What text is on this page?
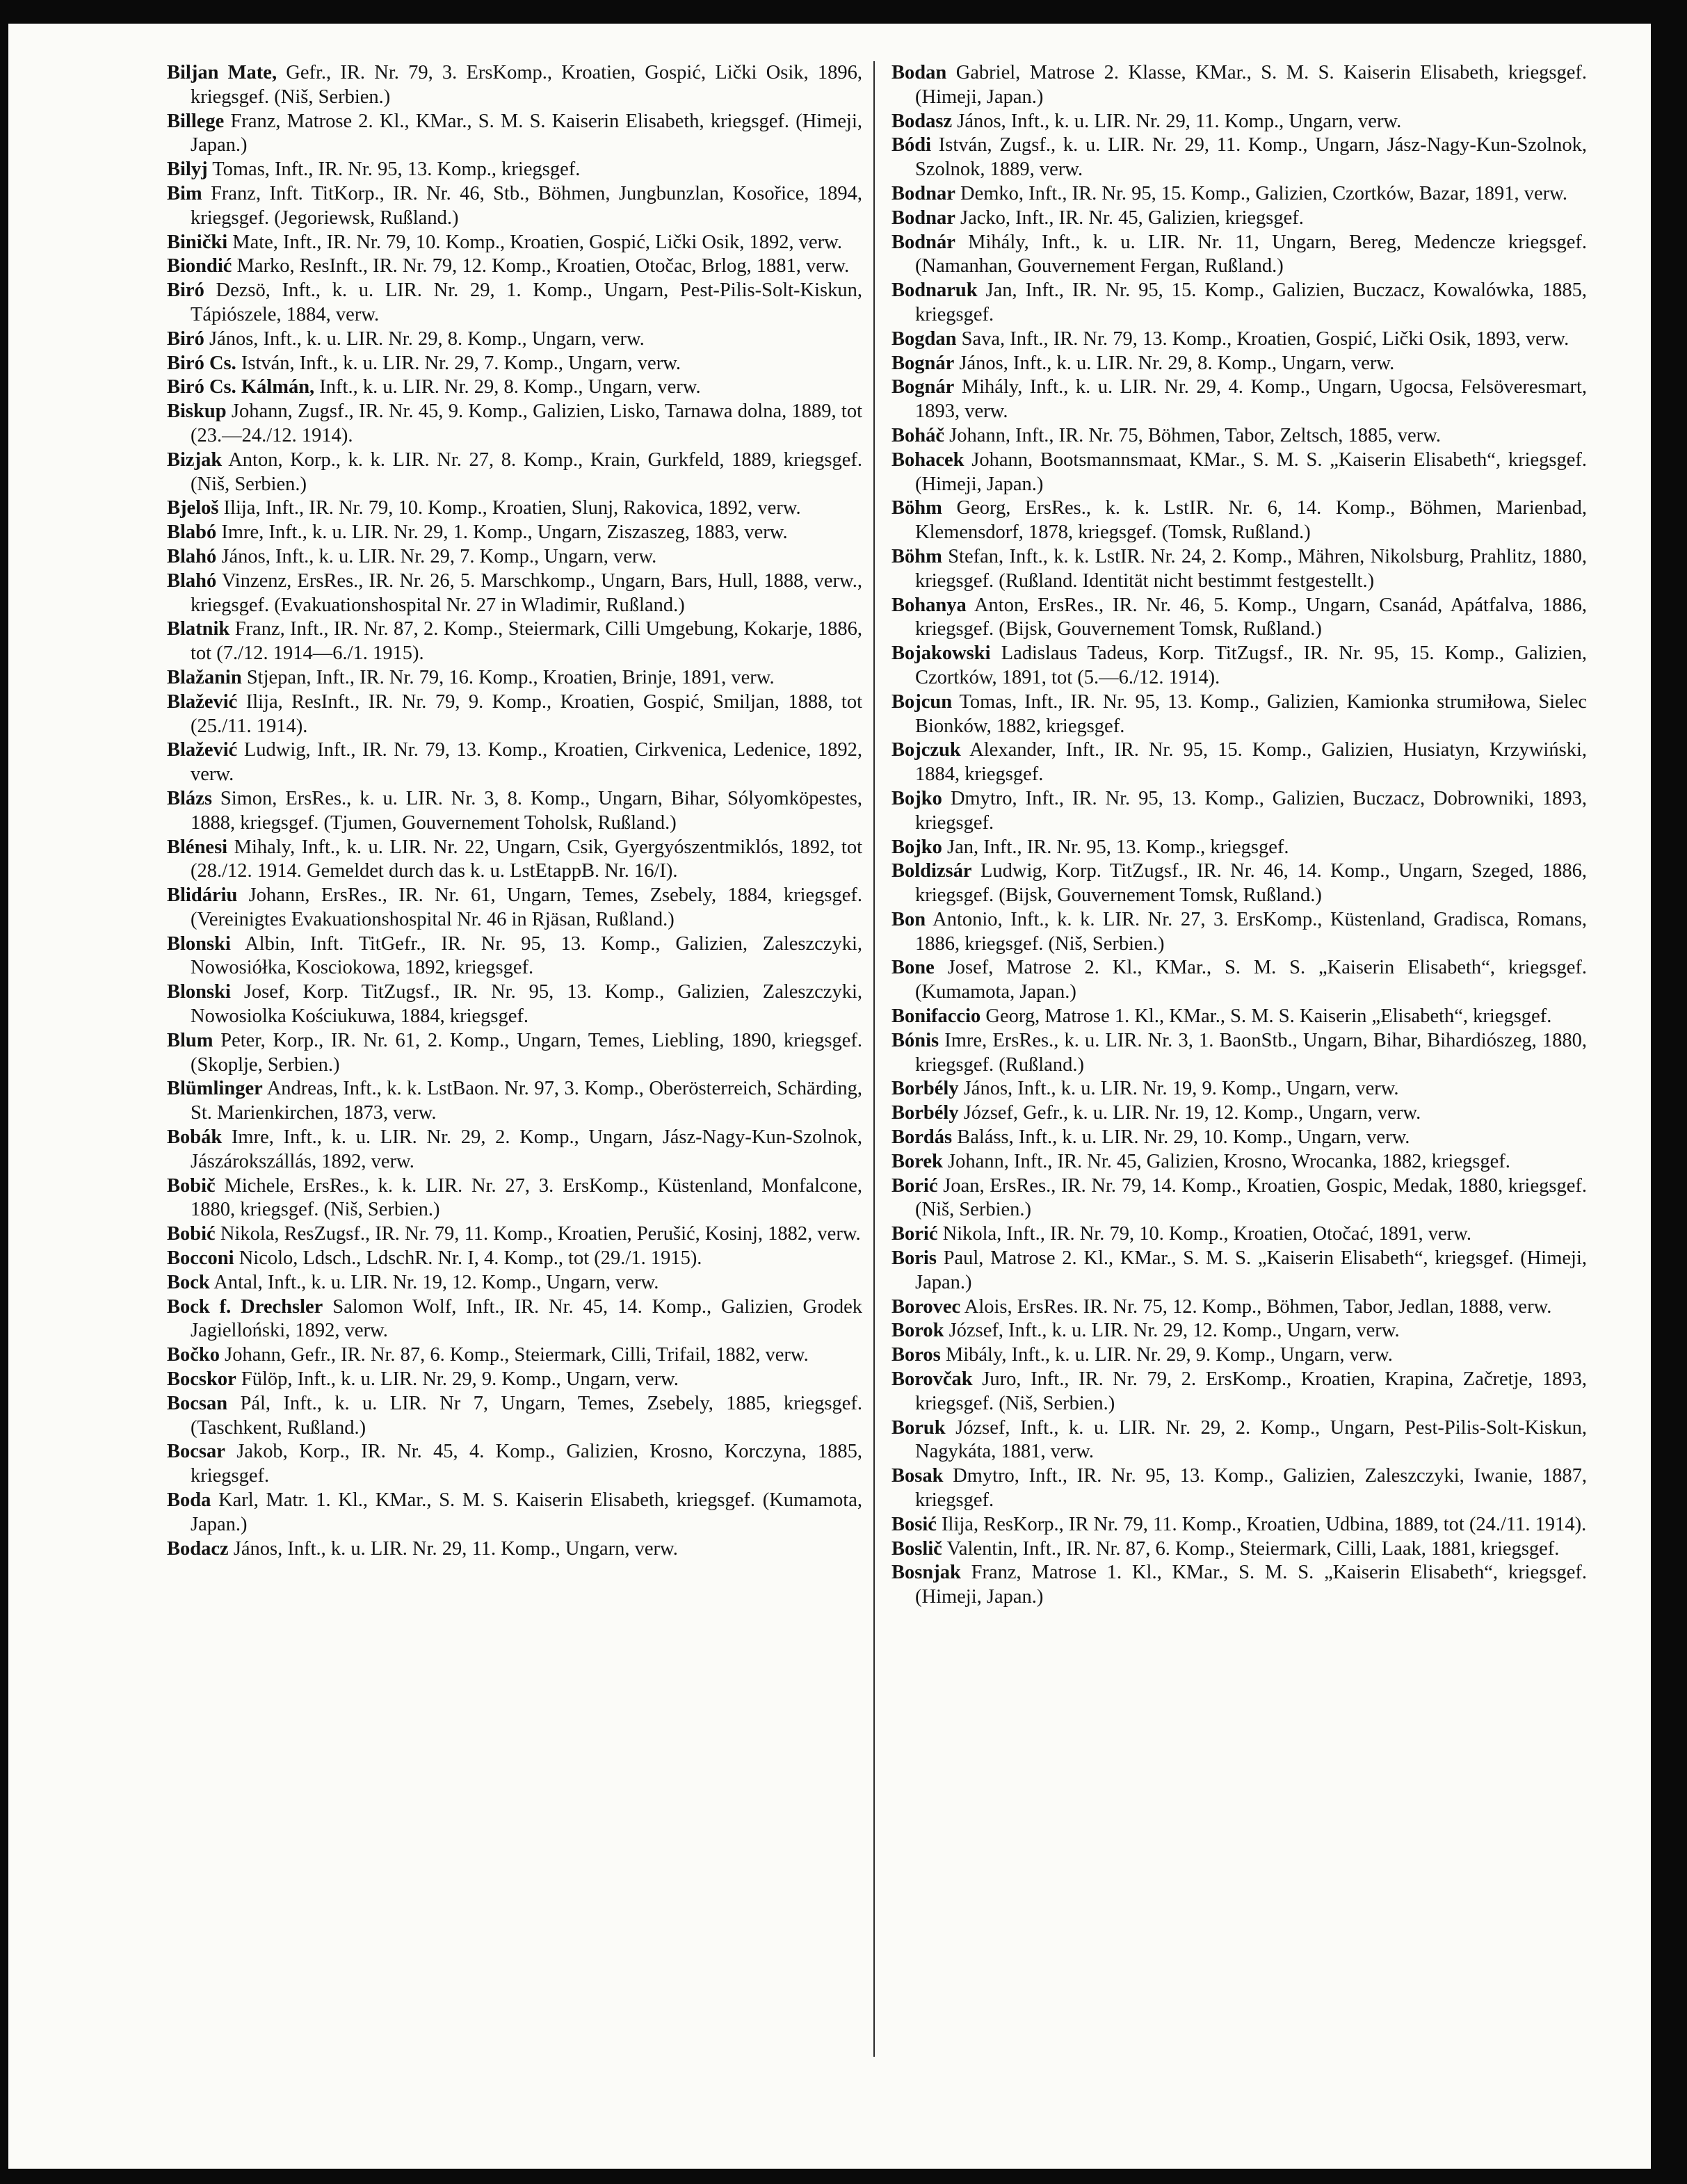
Biljan Mate, Gefr., IR. Nr. 79, 3. ErsKomp., Kroatien, Gospić, Lički Osik, 1896, kriegsgef. (Niš, Serbien.)

Billege Franz, Matrose 2. Kl., KMar., S. M. S. Kaiserin Elisabeth, kriegsgef. (Himeji, Japan.)

Bilyj Tomas, Inft., IR. Nr. 95, 13. Komp., kriegsgef.

Bim Franz, Inft. TitKorp., IR. Nr. 46, Stb., Böhmen, Jungbunzlan, Kosořice, 1894, kriegsgef. (Jegoriewsk, Rußland.)

Binički Mate, Inft., IR. Nr. 79, 10. Komp., Kroatien, Gospić, Lički Osik, 1892, verw.

Biondić Marko, ResInft., IR. Nr. 79, 12. Komp., Kroatien, Otočac, Brlog, 1881, verw.

Biró Dezsö, Inft., k. u. LIR. Nr. 29, 1. Komp., Ungarn, Pest-Pilis-Solt-Kiskun, Tápiószele, 1884, verw.

Biró János, Inft., k. u. LIR. Nr. 29, 8. Komp., Ungarn, verw.

Biró Cs. István, Inft., k. u. LIR. Nr. 29, 7. Komp., Ungarn, verw.

Biró Cs. Kálmán, Inft., k. u. LIR. Nr. 29, 8. Komp., Ungarn, verw.

Biskup Johann, Zugsf., IR. Nr. 45, 9. Komp., Galizien, Lisko, Tarnawa dolna, 1889, tot (23.—24./12. 1914).

Bizjak Anton, Korp., k. k. LIR. Nr. 27, 8. Komp., Krain, Gurkfeld, 1889, kriegsgef. (Niš, Serbien.)

Bjeloš Ilija, Inft., IR. Nr. 79, 10. Komp., Kroatien, Slunj, Rakovica, 1892, verw.

Blabó Imre, Inft., k. u. LIR. Nr. 29, 1. Komp., Ungarn, Ziszaszeg, 1883, verw.

Blahó János, Inft., k. u. LIR. Nr. 29, 7. Komp., Ungarn, verw.

Blahó Vinzenz, ErsRes., IR. Nr. 26, 5. Marschkomp., Ungarn, Bars, Hull, 1888, verw., kriegsgef. (Evakuationshospital Nr. 27 in Wladimir, Rußland.)

Blatnik Franz, Inft., IR. Nr. 87, 2. Komp., Steiermark, Cilli Umgebung, Kokarje, 1886, tot (7./12. 1914—6./1. 1915).

Blažanin Stjepan, Inft., IR. Nr. 79, 16. Komp., Kroatien, Brinje, 1891, verw.

Blažević Ilija, ResInft., IR. Nr. 79, 9. Komp., Kroatien, Gospić, Smiljan, 1888, tot (25./11. 1914).

Blažević Ludwig, Inft., IR. Nr. 79, 13. Komp., Kroatien, Cirkvenica, Ledenice, 1892, verw.

Blázs Simon, ErsRes., k. u. LIR. Nr. 3, 8. Komp., Ungarn, Bihar, Sólyomköpestes, 1888, kriegsgef. (Tjumen, Gouvernement Toholsk, Rußland.)

Blénesi Mihaly, Inft., k. u. LIR. Nr. 22, Ungarn, Csik, Gyergyószentmiklós, 1892, tot (28./12. 1914. Gemeldet durch das k. u. LstEtappB. Nr. 16/I).

Blidáriu Johann, ErsRes., IR. Nr. 61, Ungarn, Temes, Zsebely, 1884, kriegsgef. (Vereinigtes Evakuationshospital Nr. 46 in Rjäsan, Rußland.)

Blonski Albin, Inft. TitGefr., IR. Nr. 95, 13. Komp., Galizien, Zaleszczyki, Nowosiółka, Kosciokowa, 1892, kriegsgef.

Blonski Josef, Korp. TitZugsf., IR. Nr. 95, 13. Komp., Galizien, Zaleszczyki, Nowosiolka Kościukuwa, 1884, kriegsgef.

Blum Peter, Korp., IR. Nr. 61, 2. Komp., Ungarn, Temes, Liebling, 1890, kriegsgef. (Skoplje, Serbien.)

Blümlinger Andreas, Inft., k. k. LstBaon. Nr. 97, 3. Komp., Oberösterreich, Schärding, St. Marienkirchen, 1873, verw.

Bobák Imre, Inft., k. u. LIR. Nr. 29, 2. Komp., Ungarn, Jász-Nagy-Kun-Szolnok, Jászárokszállás, 1892, verw.

Bobič Michele, ErsRes., k. k. LIR. Nr. 27, 3. ErsKomp., Küstenland, Monfalcone, 1880, kriegsgef. (Niš, Serbien.)

Bobić Nikola, ResZugsf., IR. Nr. 79, 11. Komp., Kroatien, Perušić, Kosinj, 1882, verw.

Bocconi Nicolo, Ldsch., LdschR. Nr. I, 4. Komp., tot (29./1. 1915).

Bock Antal, Inft., k. u. LIR. Nr. 19, 12. Komp., Ungarn, verw.

Bock f. Drechsler Salomon Wolf, Inft., IR. Nr. 45, 14. Komp., Galizien, Grodek Jagielloński, 1892, verw.

Bočko Johann, Gefr., IR. Nr. 87, 6. Komp., Steiermark, Cilli, Trifail, 1882, verw.

Bocskor Fülöp, Inft., k. u. LIR. Nr. 29, 9. Komp., Ungarn, verw.

Bocsan Pál, Inft., k. u. LIR. Nr 7, Ungarn, Temes, Zsebely, 1885, kriegsgef. (Taschkent, Rußland.)

Bocsar Jakob, Korp., IR. Nr. 45, 4. Komp., Galizien, Krosno, Korczyna, 1885, kriegsgef.

Boda Karl, Matr. 1. Kl., KMar., S. M. S. Kaiserin Elisabeth, kriegsgef. (Kumamota, Japan.)

Bodacz János, Inft., k. u. LIR. Nr. 29, 11. Komp., Ungarn, verw.

Bodan Gabriel, Matrose 2. Klasse, KMar., S. M. S. Kaiserin Elisabeth, kriegsgef. (Himeji, Japan.)

Bodasz János, Inft., k. u. LIR. Nr. 29, 11. Komp., Ungarn, verw.

Bódi István, Zugsf., k. u. LIR. Nr. 29, 11. Komp., Ungarn, Jász-Nagy-Kun-Szolnok, Szolnok, 1889, verw.

Bodnar Demko, Inft., IR. Nr. 95, 15. Komp., Galizien, Czortków, Bazar, 1891, verw.

Bodnar Jacko, Inft., IR. Nr. 45, Galizien, kriegsgef.

Bodnár Mihály, Inft., k. u. LIR. Nr. 11, Ungarn, Bereg, Medencze kriegsgef. (Namanhan, Gouvernement Fergan, Rußland.)

Bodnaruk Jan, Inft., IR. Nr. 95, 15. Komp., Galizien, Buczacz, Kowalówka, 1885, kriegsgef.

Bogdan Sava, Inft., IR. Nr. 79, 13. Komp., Kroatien, Gospić, Lički Osik, 1893, verw.

Bognár János, Inft., k. u. LIR. Nr. 29, 8. Komp., Ungarn, verw.

Bognár Mihály, Inft., k. u. LIR. Nr. 29, 4. Komp., Ungarn, Ugocsa, Felsöveresmart, 1893, verw.

Boháč Johann, Inft., IR. Nr. 75, Böhmen, Tabor, Zeltsch, 1885, verw.

Bohacek Johann, Bootsmannsmaat, KMar., S. M. S. „Kaiserin Elisabeth“, kriegsgef. (Himeji, Japan.)

Böhm Georg, ErsRes., k. k. LstIR. Nr. 6, 14. Komp., Böhmen, Marienbad, Klemensdorf, 1878, kriegsgef. (Tomsk, Rußland.)

Böhm Stefan, Inft., k. k. LstIR. Nr. 24, 2. Komp., Mähren, Nikolsburg, Prahlitz, 1880, kriegsgef. (Rußland. Identität nicht bestimmt festgestellt.)

Bohanya Anton, ErsRes., IR. Nr. 46, 5. Komp., Ungarn, Csanád, Apátfalva, 1886, kriegsgef. (Bijsk, Gouvernement Tomsk, Rußland.)

Bojakowski Ladislaus Tadeus, Korp. TitZugsf., IR. Nr. 95, 15. Komp., Galizien, Czortków, 1891, tot (5.—6./12. 1914).

Bojcun Tomas, Inft., IR. Nr. 95, 13. Komp., Galizien, Kamionka strumiłowa, Sielec Bionków, 1882, kriegsgef.

Bojczuk Alexander, Inft., IR. Nr. 95, 15. Komp., Galizien, Husiatyn, Krzywiński, 1884, kriegsgef.

Bojko Dmytro, Inft., IR. Nr. 95, 13. Komp., Galizien, Buczacz, Dobrowniki, 1893, kriegsgef.

Bojko Jan, Inft., IR. Nr. 95, 13. Komp., kriegsgef.

Boldizsár Ludwig, Korp. TitZugsf., IR. Nr. 46, 14. Komp., Ungarn, Szeged, 1886, kriegsgef. (Bijsk, Gouvernement Tomsk, Rußland.)

Bon Antonio, Inft., k. k. LIR. Nr. 27, 3. ErsKomp., Küstenland, Gradisca, Romans, 1886, kriegsgef. (Niš, Serbien.)

Bone Josef, Matrose 2. Kl., KMar., S. M. S. „Kaiserin Elisabeth“, kriegsgef. (Kumamota, Japan.)

Bonifaccio Georg, Matrose 1. Kl., KMar., S. M. S. Kaiserin „Elisabeth“, kriegsgef.

Bónis Imre, ErsRes., k. u. LIR. Nr. 3, 1. BaonStb., Ungarn, Bihar, Bihardiószeg, 1880, kriegsgef. (Rußland.)

Borbély János, Inft., k. u. LIR. Nr. 19, 9. Komp., Ungarn, verw.

Borbély József, Gefr., k. u. LIR. Nr. 19, 12. Komp., Ungarn, verw.

Bordás Baláss, Inft., k. u. LIR. Nr. 29, 10. Komp., Ungarn, verw.

Borek Johann, Inft., IR. Nr. 45, Galizien, Krosno, Wrocanka, 1882, kriegsgef.

Borić Joan, ErsRes., IR. Nr. 79, 14. Komp., Kroatien, Gospic, Medak, 1880, kriegsgef. (Niš, Serbien.)

Borić Nikola, Inft., IR. Nr. 79, 10. Komp., Kroatien, Otočać, 1891, verw.

Boris Paul, Matrose 2. Kl., KMar., S. M. S. „Kaiserin Elisabeth“, kriegsgef. (Himeji, Japan.)

Borovec Alois, ErsRes. IR. Nr. 75, 12. Komp., Böhmen, Tabor, Jedlan, 1888, verw.

Borok József, Inft., k. u. LIR. Nr. 29, 12. Komp., Ungarn, verw.

Boros Mibály, Inft., k. u. LIR. Nr. 29, 9. Komp., Ungarn, verw.

Borovčak Juro, Inft., IR. Nr. 79, 2. ErsKomp., Kroatien, Krapina, Začretje, 1893, kriegsgef. (Niš, Serbien.)

Boruk József, Inft., k. u. LIR. Nr. 29, 2. Komp., Ungarn, Pest-Pilis-Solt-Kiskun, Nagykáta, 1881, verw.

Bosak Dmytro, Inft., IR. Nr. 95, 13. Komp., Galizien, Zaleszczyki, Iwanie, 1887, kriegsgef.

Bosić Ilija, ResKorp., IR Nr. 79, 11. Komp., Kroatien, Udbina, 1889, tot (24./11. 1914).

Boslič Valentin, Inft., IR. Nr. 87, 6. Komp., Steiermark, Cilli, Laak, 1881, kriegsgef.

Bosnjak Franz, Matrose 1. Kl., KMar., S. M. S. „Kaiserin Elisabeth“, kriegsgef. (Himeji, Japan.)
